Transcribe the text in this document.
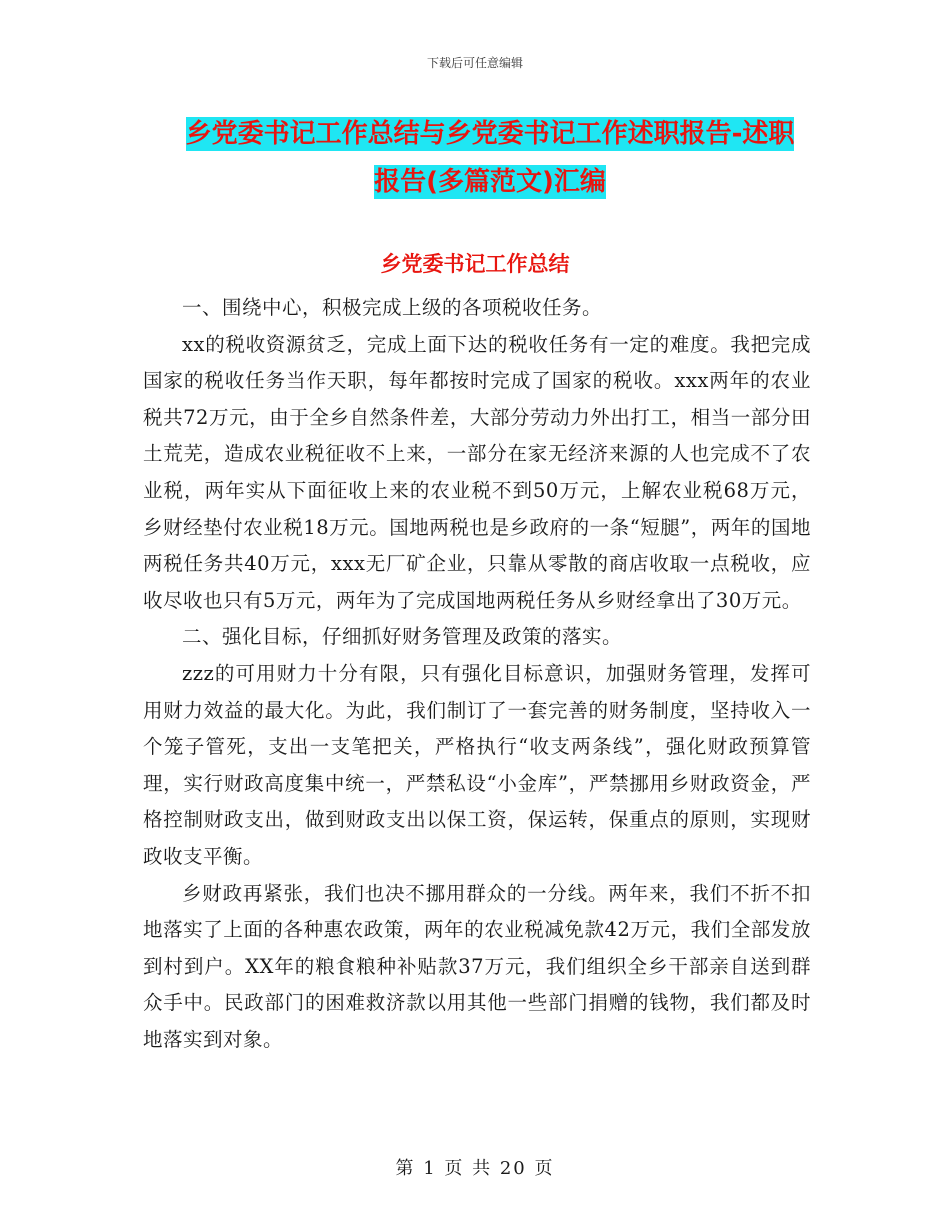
下载后可任意编辑
乡党委书记工作总结与乡党委书记工作述职报告-述职
报告(多篇范文)汇编
乡党委书记工作总结

一、围绕中心，积极完成上级的各项税收任务。

xx的税收资源贫乏，完成上面下达的税收任务有一定的难度。我把完成国家的税收任务当作天职，每年都按时完成了国家的税收。xxx两年的农业税共72万元，由于全乡自然条件差，大部分劳动力外出打工，相当一部分田土荒芜，造成农业税征收不上来，一部分在家无经济来源的人也完成不了农业税，两年实从下面征收上来的农业税不到50万元，上解农业税68万元，乡财经垫付农业税18万元。国地两税也是乡政府的一条“短腿”，两年的国地两税任务共40万元，xxx无厂矿企业，只靠从零散的商店收取一点税收，应收尽收也只有5万元，两年为了完成国地两税任务从乡财经拿出了30万元。

二、强化目标，仔细抓好财务管理及政策的落实。

zzz的可用财力十分有限，只有强化目标意识，加强财务管理，发挥可用财力效益的最大化。为此，我们制订了一套完善的财务制度，坚持收入一个笼子管死，支出一支笔把关，严格执行“收支两条线”，强化财政预算管理，实行财政高度集中统一，严禁私设“小金库”，严禁挪用乡财政资金，严格控制财政支出，做到财政支出以保工资，保运转，保重点的原则，实现财政收支平衡。

乡财政再紧张，我们也决不挪用群众的一分线。两年来，我们不折不扣地落实了上面的各种惠农政策，两年的农业税减免款42万元，我们全部发放到村到户。XX年的粮食粮种补贴款37万元，我们组织全乡干部亲自送到群众手中。民政部门的困难救济款以用其他一些部门捐赠的钱物，我们都及时地落实到对象。

第 1 页 共 20 页
